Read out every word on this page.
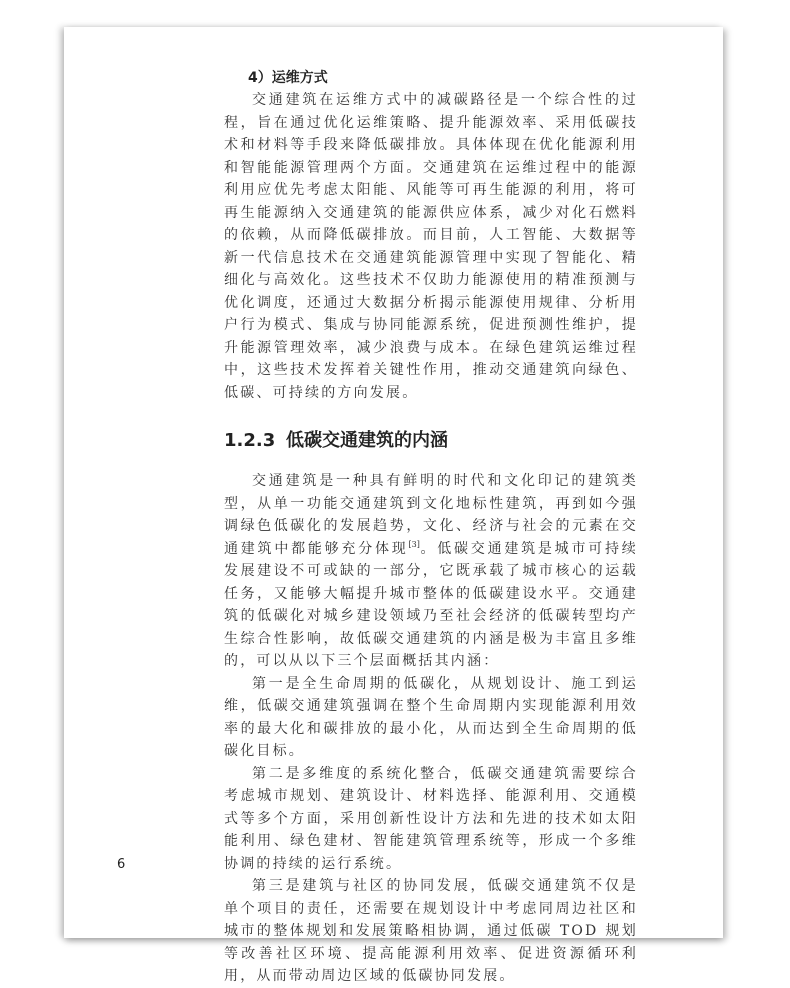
4）运维方式

交通建筑在运维方式中的减碳路径是一个综合性的过程，旨在通过优化运维策略、提升能源效率、采用低碳技术和材料等手段来降低碳排放。具体体现在优化能源利用和智能能源管理两个方面。交通建筑在运维过程中的能源利用应优先考虑太阳能、风能等可再生能源的利用，将可再生能源纳入交通建筑的能源供应体系，减少对化石燃料的依赖，从而降低碳排放。而目前，人工智能、大数据等新一代信息技术在交通建筑能源管理中实现了智能化、精细化与高效化。这些技术不仅助力能源使用的精准预测与优化调度，还通过大数据分析揭示能源使用规律、分析用户行为模式、集成与协同能源系统，促进预测性维护，提升能源管理效率，减少浪费与成本。在绿色建筑运维过程中，这些技术发挥着关键性作用，推动交通建筑向绿色、低碳、可持续的方向发展。

1.2.3 低碳交通建筑的内涵

交通建筑是一种具有鲜明的时代和文化印记的建筑类型，从单一功能交通建筑到文化地标性建筑，再到如今强调绿色低碳化的发展趋势，文化、经济与社会的元素在交通建筑中都能够充分体现[3]。低碳交通建筑是城市可持续发展建设不可或缺的一部分，它既承载了城市核心的运载任务，又能够大幅提升城市整体的低碳建设水平。交通建筑的低碳化对城乡建设领域乃至社会经济的低碳转型均产生综合性影响，故低碳交通建筑的内涵是极为丰富且多维的，可以从以下三个层面概括其内涵：

第一是全生命周期的低碳化，从规划设计、施工到运维，低碳交通建筑强调在整个生命周期内实现能源利用效率的最大化和碳排放的最小化，从而达到全生命周期的低碳化目标。

第二是多维度的系统化整合，低碳交通建筑需要综合考虑城市规划、建筑设计、材料选择、能源利用、交通模式等多个方面，采用创新性设计方法和先进的技术如太阳能利用、绿色建材、智能建筑管理系统等，形成一个多维协调的持续的运行系统。

第三是建筑与社区的协同发展，低碳交通建筑不仅是单个项目的责任，还需要在规划设计中考虑同周边社区和城市的整体规划和发展策略相协调，通过低碳 TOD 规划等改善社区环境、提高能源利用效率、促进资源循环利用，从而带动周边区域的低碳协同发展。

6
